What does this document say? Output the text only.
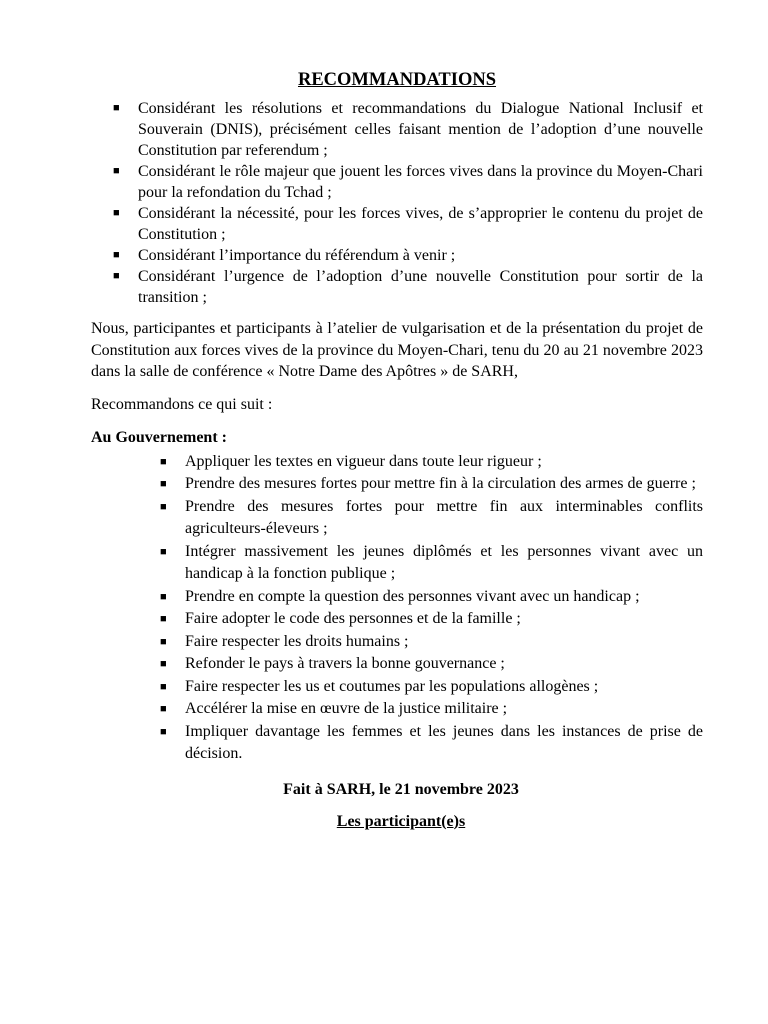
RECOMMANDATIONS
■ Considérant les résolutions et recommandations du Dialogue National Inclusif et Souverain (DNIS), précisément celles faisant mention de l’adoption d’une nouvelle Constitution par referendum ;
■ Considérant le rôle majeur que jouent les forces vives dans la province du Moyen-Chari pour la refondation du Tchad ;
■ Considérant la nécessité, pour les forces vives, de s’approprier le contenu du projet de Constitution ;
■ Considérant l’importance du référendum à venir ;
■ Considérant l’urgence de l’adoption d’une nouvelle Constitution pour sortir de la transition ;

Nous, participantes et participants à l’atelier de vulgarisation et de la présentation du projet de Constitution aux forces vives de la province du Moyen-Chari, tenu du 20 au 21 novembre 2023 dans la salle de conférence « Notre Dame des Apôtres » de SARH,

Recommandons ce qui suit :

Au Gouvernement :

■ Appliquer les textes en vigueur dans toute leur rigueur ;
■ Prendre des mesures fortes pour mettre fin à la circulation des armes de guerre ;
■ Prendre des mesures fortes pour mettre fin aux interminables conflits agriculteurs-éleveurs ;
■ Intégrer massivement les jeunes diplômés et les personnes vivant avec un handicap à la fonction publique ;
■ Prendre en compte la question des personnes vivant avec un handicap ;
■ Faire adopter le code des personnes et de la famille ;
■ Faire respecter les droits humains ;
■ Refonder le pays à travers la bonne gouvernance ;
■ Faire respecter les us et coutumes par les populations allogènes ;
■ Accélérer la mise en œuvre de la justice militaire ;
■ Impliquer davantage les femmes et les jeunes dans les instances de prise de décision.
Fait à SARH, le 21 novembre 2023
Les participant(e)s
